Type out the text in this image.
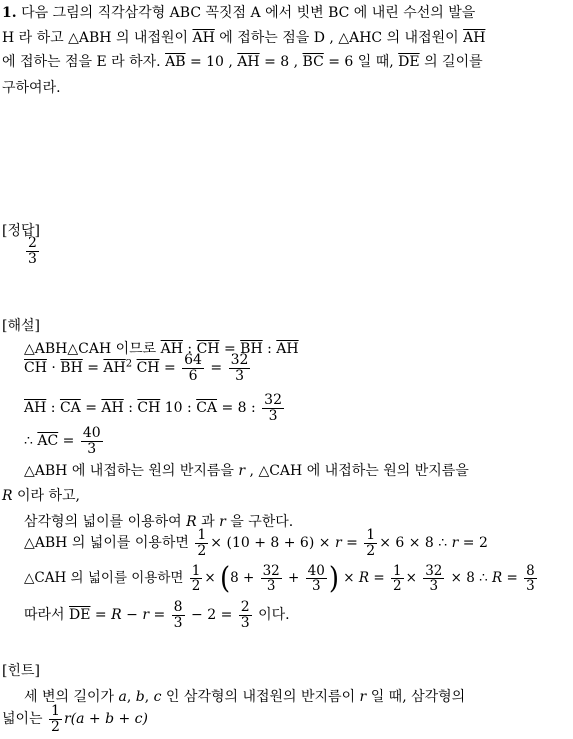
1. 다음 그림의 직각삼각형 ABC 꼭짓점 A 에서 빗변 BC 에 내린 수선의 발을
H 라 하고 △ABH 의 내접원이 $\overline{AH}$ 에 접하는 점을 D , △AHC 의 내접원이 $\overline{AH}$
에 접하는 점을 E 라 하자. $\overline{AB} = 10$ , $\overline{AH} = 8$ , $\overline{BC} = 6$ 일 때, $\overline{DE}$ 의 길이를
구하여라.
[정답]
$\frac{2}{3}$
[해설]
△ABH△CAH 이므로 $\overline{AH}$ : $\overline{CH} = \overline{BH}$ : $\overline{AH}$
$\overline{CH} \cdot \overline{BH} = \overline{AH}^2$ $\overline{CH} = \frac{64}{6} = \frac{32}{3}$
$\overline{AH}$ : $\overline{CA} = \overline{AH}$ : $\overline{CH}$ 10 : $\overline{CA} = 8$ : $\frac{32}{3}$
∴ $\overline{AC} = \frac{40}{3}$
△ABH 에 내접하는 원의 반지름을 r , △CAH 에 내접하는 원의 반지름을
R 이라 하고,
삼각형의 넓이를 이용하여 R 과 r 을 구한다.
△ABH 의 넓이를 이용하면 $\frac{1}{2} \times (10 + 8 + 6) \times r = \frac{1}{2} \times 6 \times 8$ ∴ r = 2
△CAH 의 넓이를 이용하면 $\frac{1}{2} \times (8 + \frac{32}{3} + \frac{40}{3}$ ) × $R = \frac{1}{2} \times \frac{32}{3} \times 8$ ∴ $R = \frac{8}{3}$
따라서 $\overline{DE} = R - r = \frac{8}{3} - 2 = \frac{2}{3}$ 이다.
[힌트]
세 변의 길이가 a, b, c 인 삼각형의 내접원의 반지름이 r 일 때, 삼각형의
넓이는 $\frac{1}{2} r(a + b + c)$
